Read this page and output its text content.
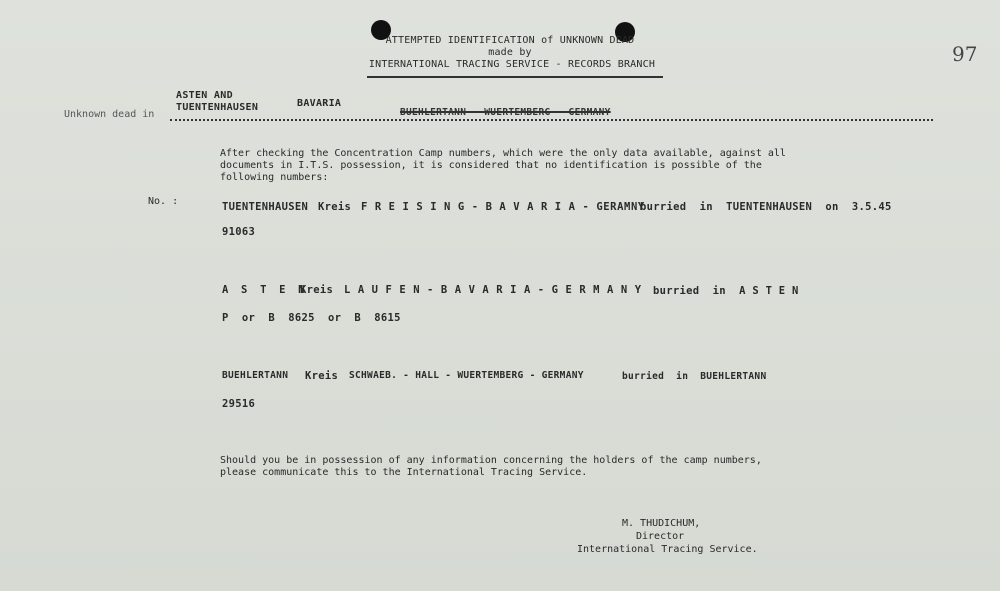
ATTEMPTED IDENTIFICATION of UNKNOWN DEAD
made by
INTERNATIONAL TRACING SERVICE - RECORDS BRANCH	97
ASTEN AND
TUENTENHAUSEN	BAVARIA
Unknown dead in	BUEHLERTANN - WUERTEMBERG - GERMANY
After checking the Concentration Camp numbers, which were the only data available, against all
documents in I.T.S. possession, it is considered that no identification is possible of the
following numbers:
No. :	TUENTENHAUSEN Kreis F R E I S I N G - B A V A R I A - GERAMNY
burried  in  TUENTENHAUSEN  on  3.5.45
91063
A S T E N
Kreis L A U F E N - B A V A R I A - G E R M A N Y burried  in  A S T E N
P  or  B  8625  or  B  8615
BUEHLERTANN Kreis SCHWAEB. - HALL - WUERTEMBERG - GERMANY	burried  in  BUEHLERTANN
29516
Should you be in possession of any information concerning the holders of the camp numbers,
please communicate this to the International Tracing Service.
M. THUDICHUM,
Director
International Tracing Service.
